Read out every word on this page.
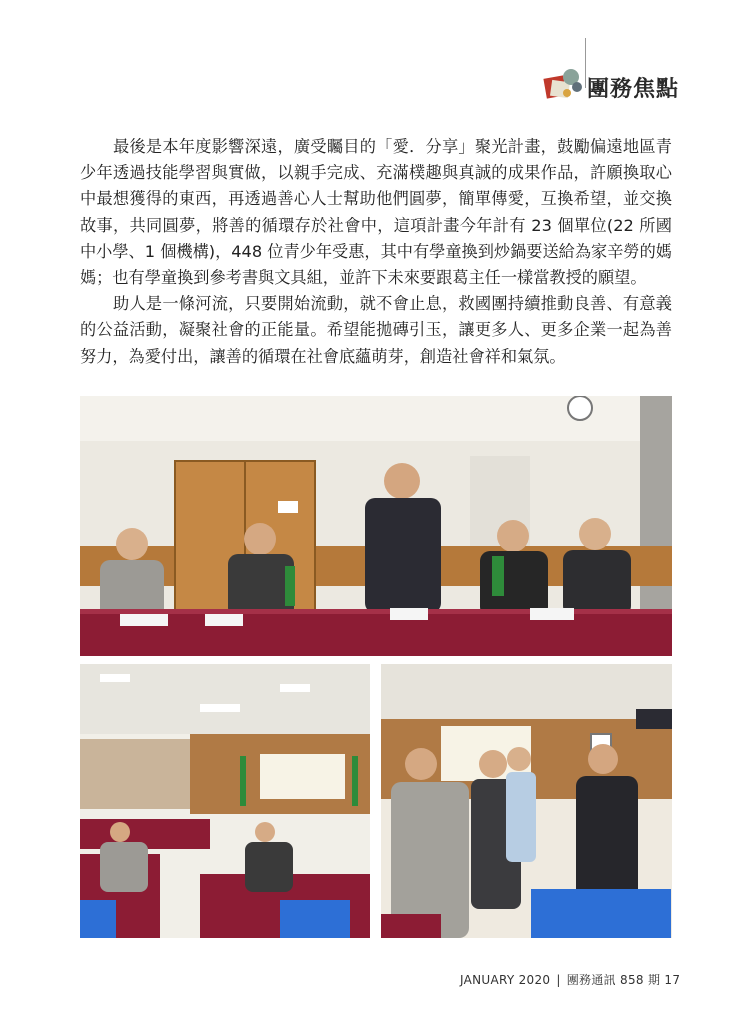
團務焦點

最後是本年度影響深遠，廣受矚目的「愛．分享」聚光計畫，鼓勵偏遠地區青少年透過技能學習與實做，以親手完成、充滿樸趣與真誠的成果作品，許願換取心中最想獲得的東西，再透過善心人士幫助他們圓夢，簡單傳愛，互換希望，並交換故事，共同圓夢，將善的循環存於社會中，這項計畫今年計有 23 個單位(22 所國中小學、1 個機構)，448 位青少年受惠，其中有學童換到炒鍋要送給為家辛勞的媽媽；也有學童換到參考書與文具組，並許下未來要跟葛主任一樣當教授的願望。

助人是一條河流，只要開始流動，就不會止息，救國團持續推動良善、有意義的公益活動，凝聚社會的正能量。希望能拋磚引玉，讓更多人、更多企業一起為善努力，為愛付出，讓善的循環在社會底蘊萌芽，創造社會祥和氣氛。

JANUARY 2020 | 團務通訊 858 期 17
